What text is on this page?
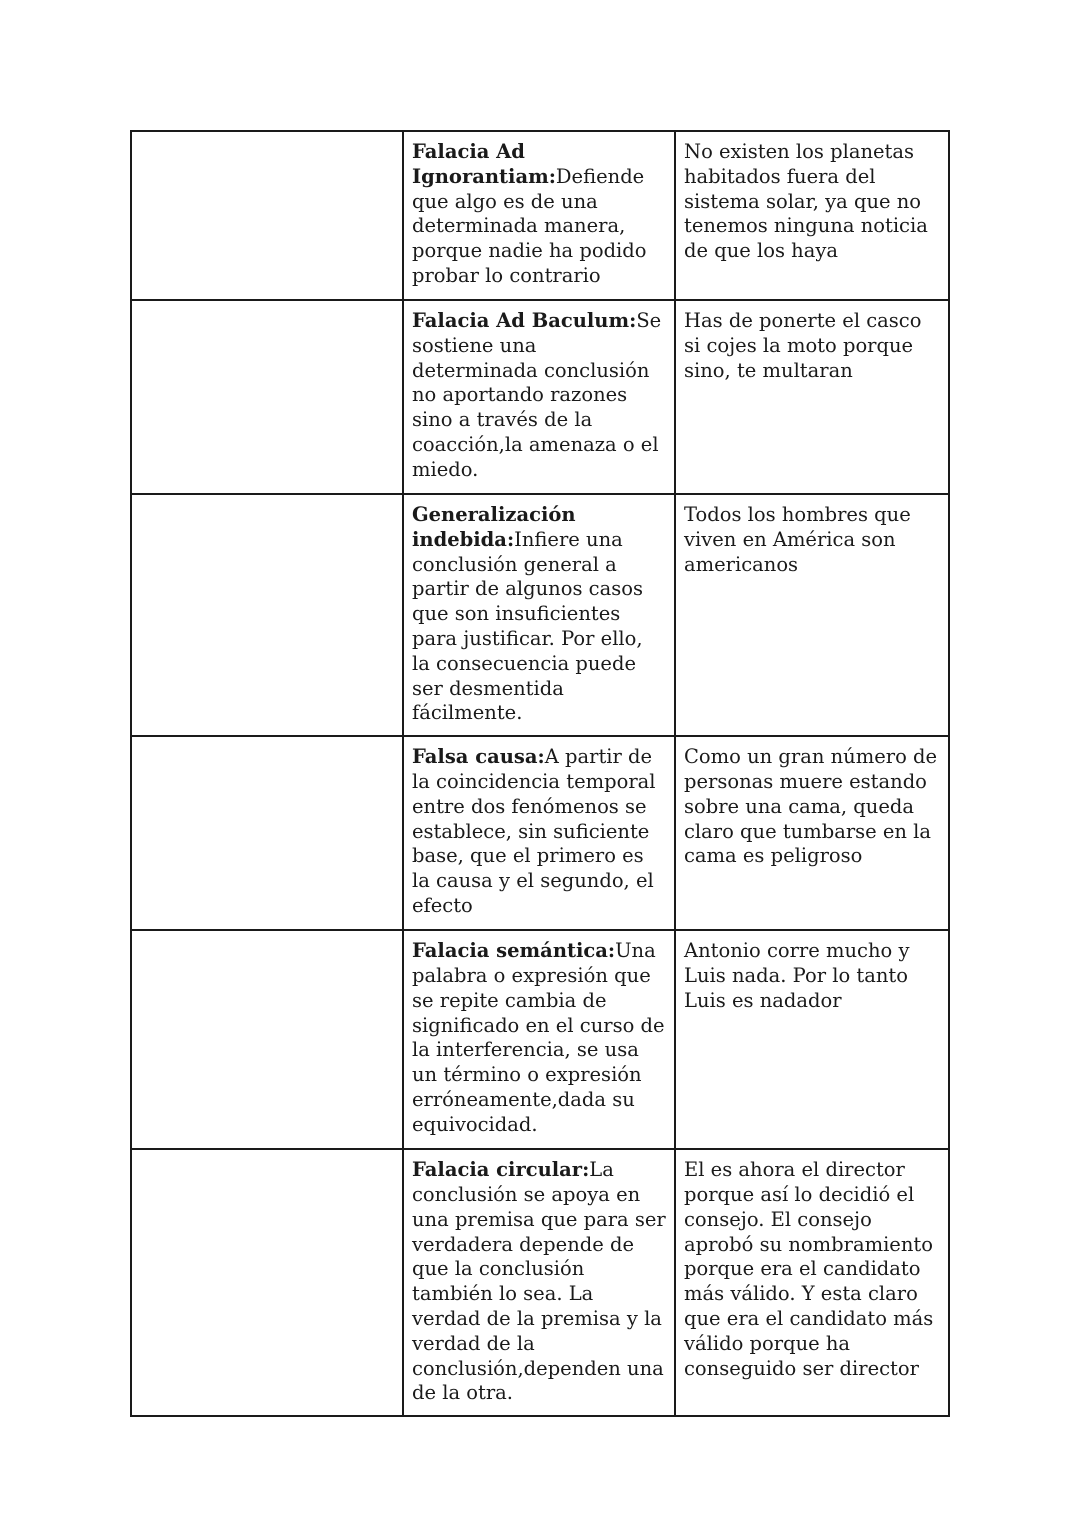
	Falacia Ad Ignorantiam:Defiende que algo es de una determinada manera, porque nadie ha podido probar lo contrario	No existen los planetas habitados fuera del sistema solar, ya que no tenemos ninguna noticia de que los haya
	Falacia Ad Baculum:Se sostiene una determinada conclusión no aportando razones sino a través de la coacción,la amenaza o el miedo.	Has de ponerte el casco si cojes la moto porque sino, te multaran
	Generalización indebida:Infiere una conclusión general a partir de algunos casos que son insuficientes para justificar. Por ello, la consecuencia puede ser desmentida fácilmente.	Todos los hombres que viven en América son americanos
	Falsa causa:A partir de la coincidencia temporal entre dos fenómenos se establece, sin suficiente base, que el primero es la causa y el segundo, el efecto	Como un gran número de personas muere estando sobre una cama, queda claro que tumbarse en la cama es peligroso
	Falacia semántica:Una palabra o expresión que se repite cambia de significado en el curso de la interferencia, se usa un término o expresión erróneamente,dada su equivocidad.	Antonio corre mucho y Luis nada. Por lo tanto Luis es nadador
	Falacia circular:La conclusión se apoya en una premisa que para ser verdadera depende de que la conclusión también lo sea. La verdad de la premisa y la verdad de la conclusión,dependen una de la otra.	El es ahora el director porque así lo decidió el consejo. El consejo aprobó su nombramiento porque era el candidato más válido. Y esta claro que era el candidato más válido porque ha conseguido ser director
